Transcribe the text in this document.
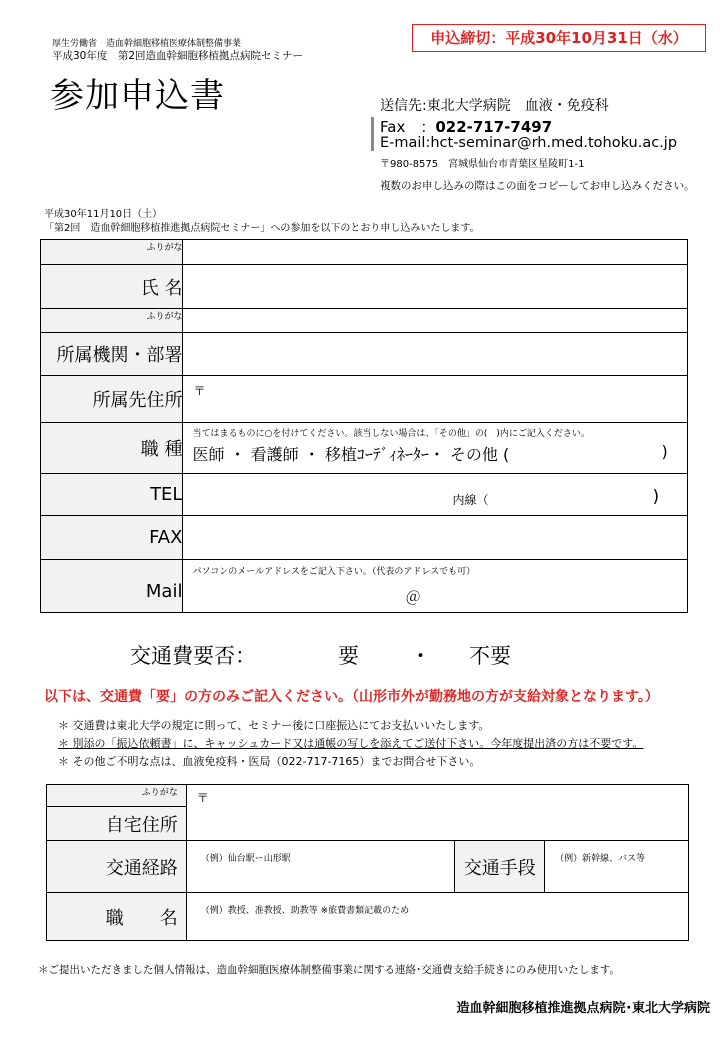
厚生労働省　造血幹細胞移植医療体制整備事業
平成30年度　第2回造血幹細胞移植拠点病院セミナー
参加申込書
申込締切：平成30年10月31日（水）
送信先:東北大学病院　血液・免疫科
Fax　：022-717-7497
E-mail:hct-seminar@rh.med.tohoku.ac.jp
〒980-8575　宮城県仙台市青葉区星陵町1-1
複数のお申し込みの際はこの面をコピーしてお申し込みください。
平成30年11月10日（土）
「第2回　造血幹細胞移植推進拠点病院セミナー」への参加を以下のとおり申し込みいたします。
ふりがな	
氏 名	
ふりがな	
所属機関・部署	
所属先住所	〒
職 種	当てはまるものに○を付けてください。該当しない場合は、「その他」の(　)内にご記入ください。
医師 ・ 看護師 ・ 移植ｺｰﾃﾞｨﾈｰﾀｰ・ その他 ( )

TEL	内線（ )

FAX	
Mail	パソコンのメールアドレスをご記入下さい。（代表のアドレスでも可）
＠
交通費要否：	要 ・ 不要
以下は、交通費「要」の方のみご記入ください。（山形市外が勤務地の方が支給対象となります。）
＊ 交通費は東北大学の規定に則って、セミナー後に口座振込にてお支払いいたします。
＊ 別添の「振込依頼書」に、キャッシュカード又は通帳の写しを添えてご送付下さい。今年度提出済の方は不要です。
＊ その他ご不明な点は、血液免疫科・医局（022-717-7165）までお問合せ下さい。
ふりがな	〒		
自宅住所			
交通経路	（例）仙台駅ー山形駅	交通手段	（例）新幹線、バス等
職　　名	（例）教授、准教授、助教等 ※旅費書類記載のため		
＊ご提出いただきました個人情報は、造血幹細胞医療体制整備事業に関する連絡･交通費支給手続きにのみ使用いたします。
造血幹細胞移植推進拠点病院･東北大学病院
